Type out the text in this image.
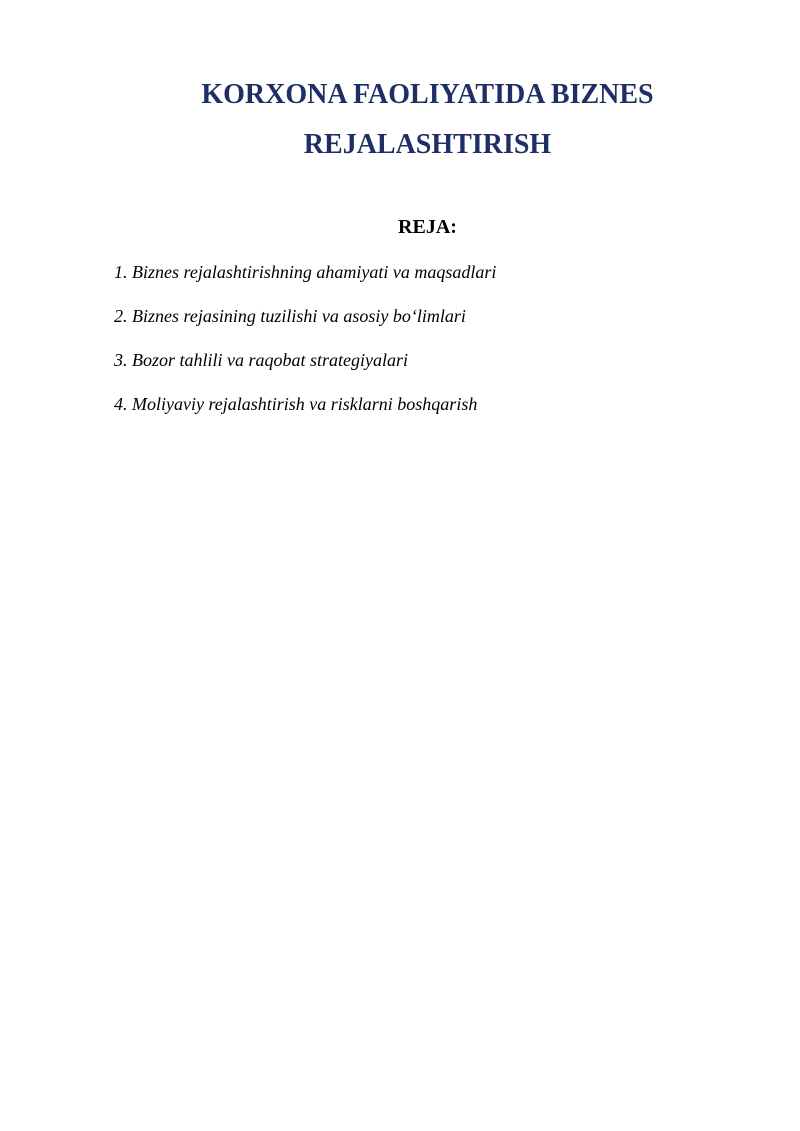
KORXONA FAOLIYATIDA BIZNES
REJALASHTIRISH
REJA:
1. Biznes rejalashtirishning ahamiyati va maqsadlari
2. Biznes rejasining tuzilishi va asosiy bo‘limlari
3. Bozor tahlili va raqobat strategiyalari
4. Moliyaviy rejalashtirish va risklarni boshqarish
